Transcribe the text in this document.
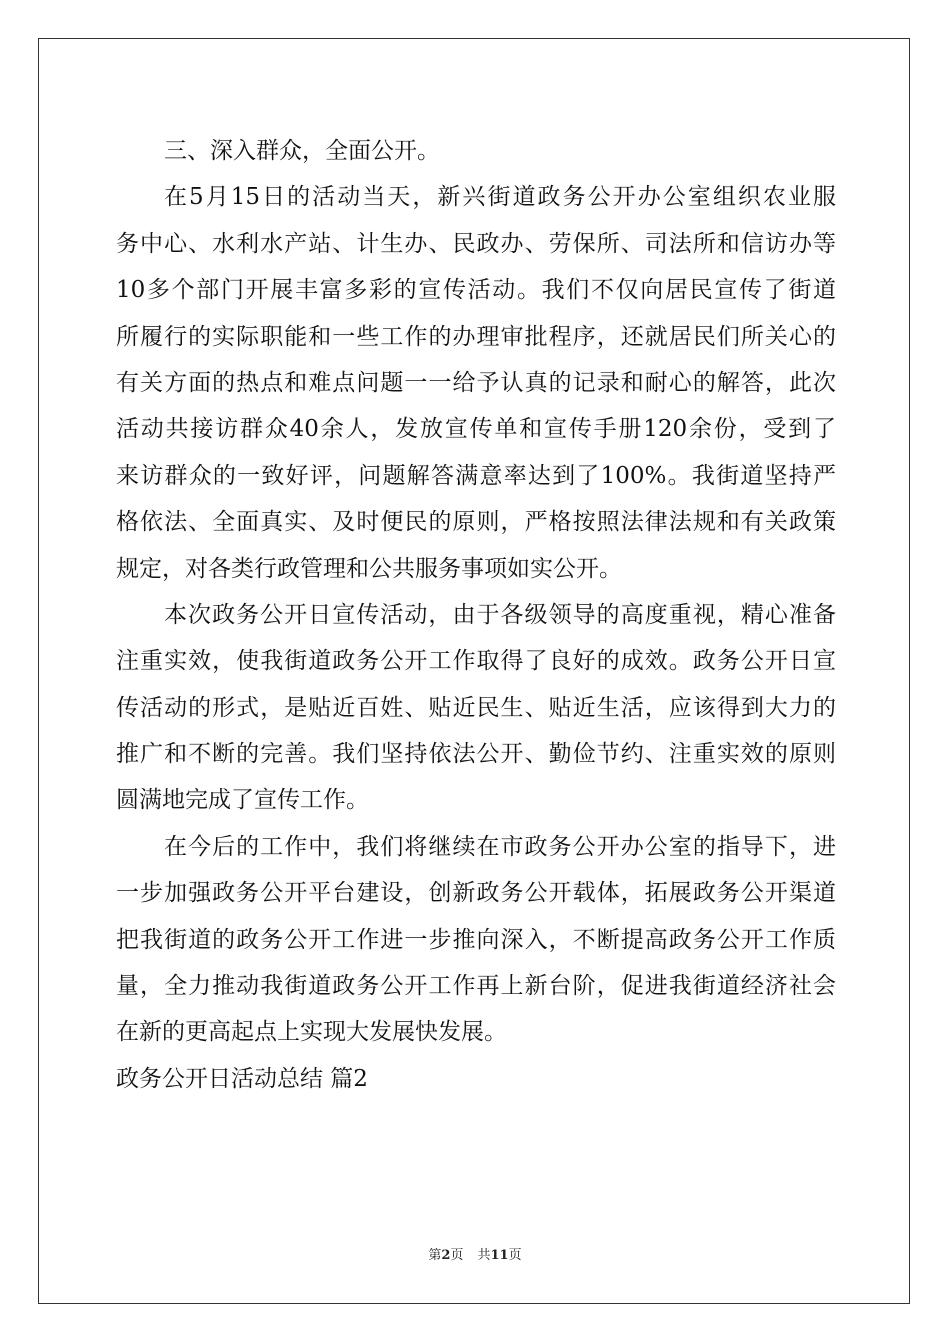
三、深入群众，全面公开。
在5月15日的活动当天，新兴街道政务公开办公室组织农业服
务中心、水利水产站、计生办、民政办、劳保所、司法所和信访办等
10多个部门开展丰富多彩的宣传活动。我们不仅向居民宣传了街道
所履行的实际职能和一些工作的办理审批程序，还就居民们所关心的
有关方面的热点和难点问题一一给予认真的记录和耐心的解答，此次
活动共接访群众40余人，发放宣传单和宣传手册120余份，受到了
来访群众的一致好评，问题解答满意率达到了100%。我街道坚持严
格依法、全面真实、及时便民的原则，严格按照法律法规和有关政策
规定，对各类行政管理和公共服务事项如实公开。
本次政务公开日宣传活动，由于各级领导的高度重视，精心准备
注重实效，使我街道政务公开工作取得了良好的成效。政务公开日宣
传活动的形式，是贴近百姓、贴近民生、贴近生活，应该得到大力的
推广和不断的完善。我们坚持依法公开、勤俭节约、注重实效的原则
圆满地完成了宣传工作。
在今后的工作中，我们将继续在市政务公开办公室的指导下，进
一步加强政务公开平台建设，创新政务公开载体，拓展政务公开渠道
把我街道的政务公开工作进一步推向深入，不断提高政务公开工作质
量，全力推动我街道政务公开工作再上新台阶，促进我街道经济社会
在新的更高起点上实现大发展快发展。
政务公开日活动总结 篇2
第2页 共11页
